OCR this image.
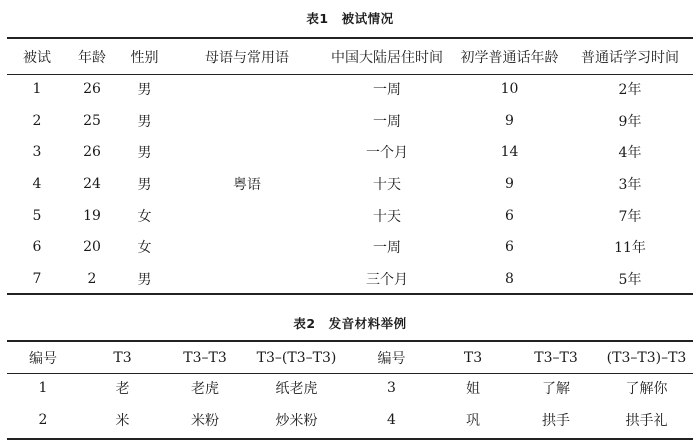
表1　被试情况
被试	年龄	性别	母语与常用语	中国大陆居住时间	初学普通话年龄	普通话学习时间
1	26	男	粤语	一周	10	2年
2	25	男		一周	9	9年
3	26	男		一个月	14	4年
4	24	男		十天	9	3年
5	19	女		十天	6	7年
6	20	女		一周	6	11年
7	2	男		三个月	8	5年
表2　发音材料举例
编号	T3	T3–T3	T3–(T3–T3)	编号	T3	T3–T3	(T3–T3)–T3
1	老	老虎	纸老虎	3	姐	了解	了解你
2	米	米粉	炒米粉	4	巩	拱手	拱手礼
